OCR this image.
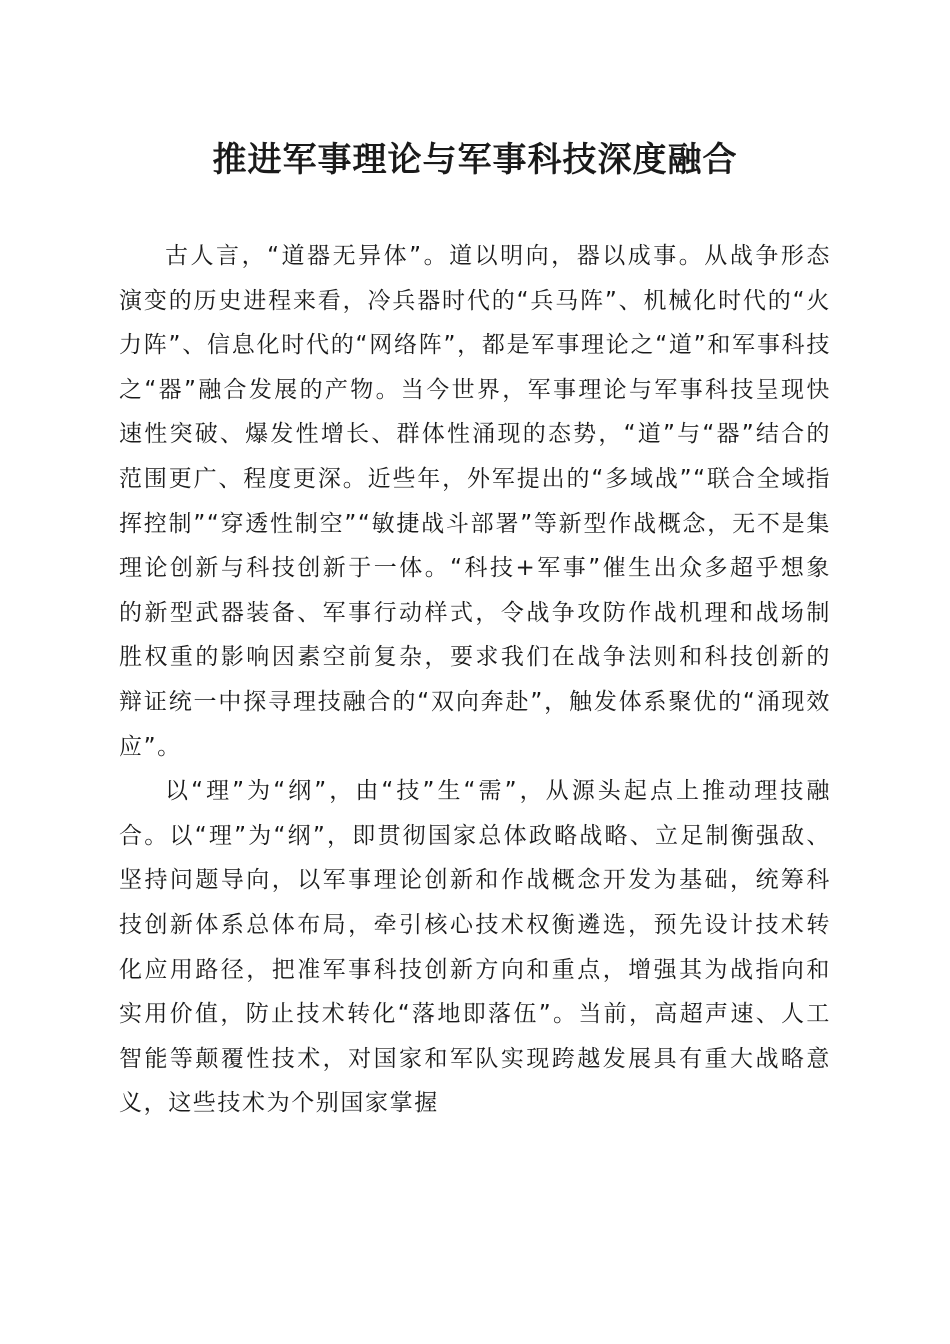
推进军事理论与军事科技深度融合

古人言，“道器无异体”。道以明向，器以成事。从战争形态演变的历史进程来看，冷兵器时代的“兵马阵”、机械化时代的“火力阵”、信息化时代的“网络阵”，都是军事理论之“道”和军事科技之“器”融合发展的产物。当今世界，军事理论与军事科技呈现快速性突破、爆发性增长、群体性涌现的态势，“道”与“器”结合的范围更广、程度更深。近些年，外军提出的“多域战”“联合全域指挥控制”“穿透性制空”“敏捷战斗部署”等新型作战概念，无不是集理论创新与科技创新于一体。“科技+军事”催生出众多超乎想象的新型武器装备、军事行动样式，令战争攻防作战机理和战场制胜权重的影响因素空前复杂，要求我们在战争法则和科技创新的辩证统一中探寻理技融合的“双向奔赴”，触发体系聚优的“涌现效应”。

以“理”为“纲”，由“技”生“需”，从源头起点上推动理技融合。以“理”为“纲”，即贯彻国家总体政略战略、立足制衡强敌、坚持问题导向，以军事理论创新和作战概念开发为基础，统筹科技创新体系总体布局，牵引核心技术权衡遴选，预先设计技术转化应用路径，把准军事科技创新方向和重点，增强其为战指向和实用价值，防止技术转化“落地即落伍”。当前，高超声速、人工智能等颠覆性技术，对国家和军队实现跨越发展具有重大战略意义，这些技术为个别国家掌握
